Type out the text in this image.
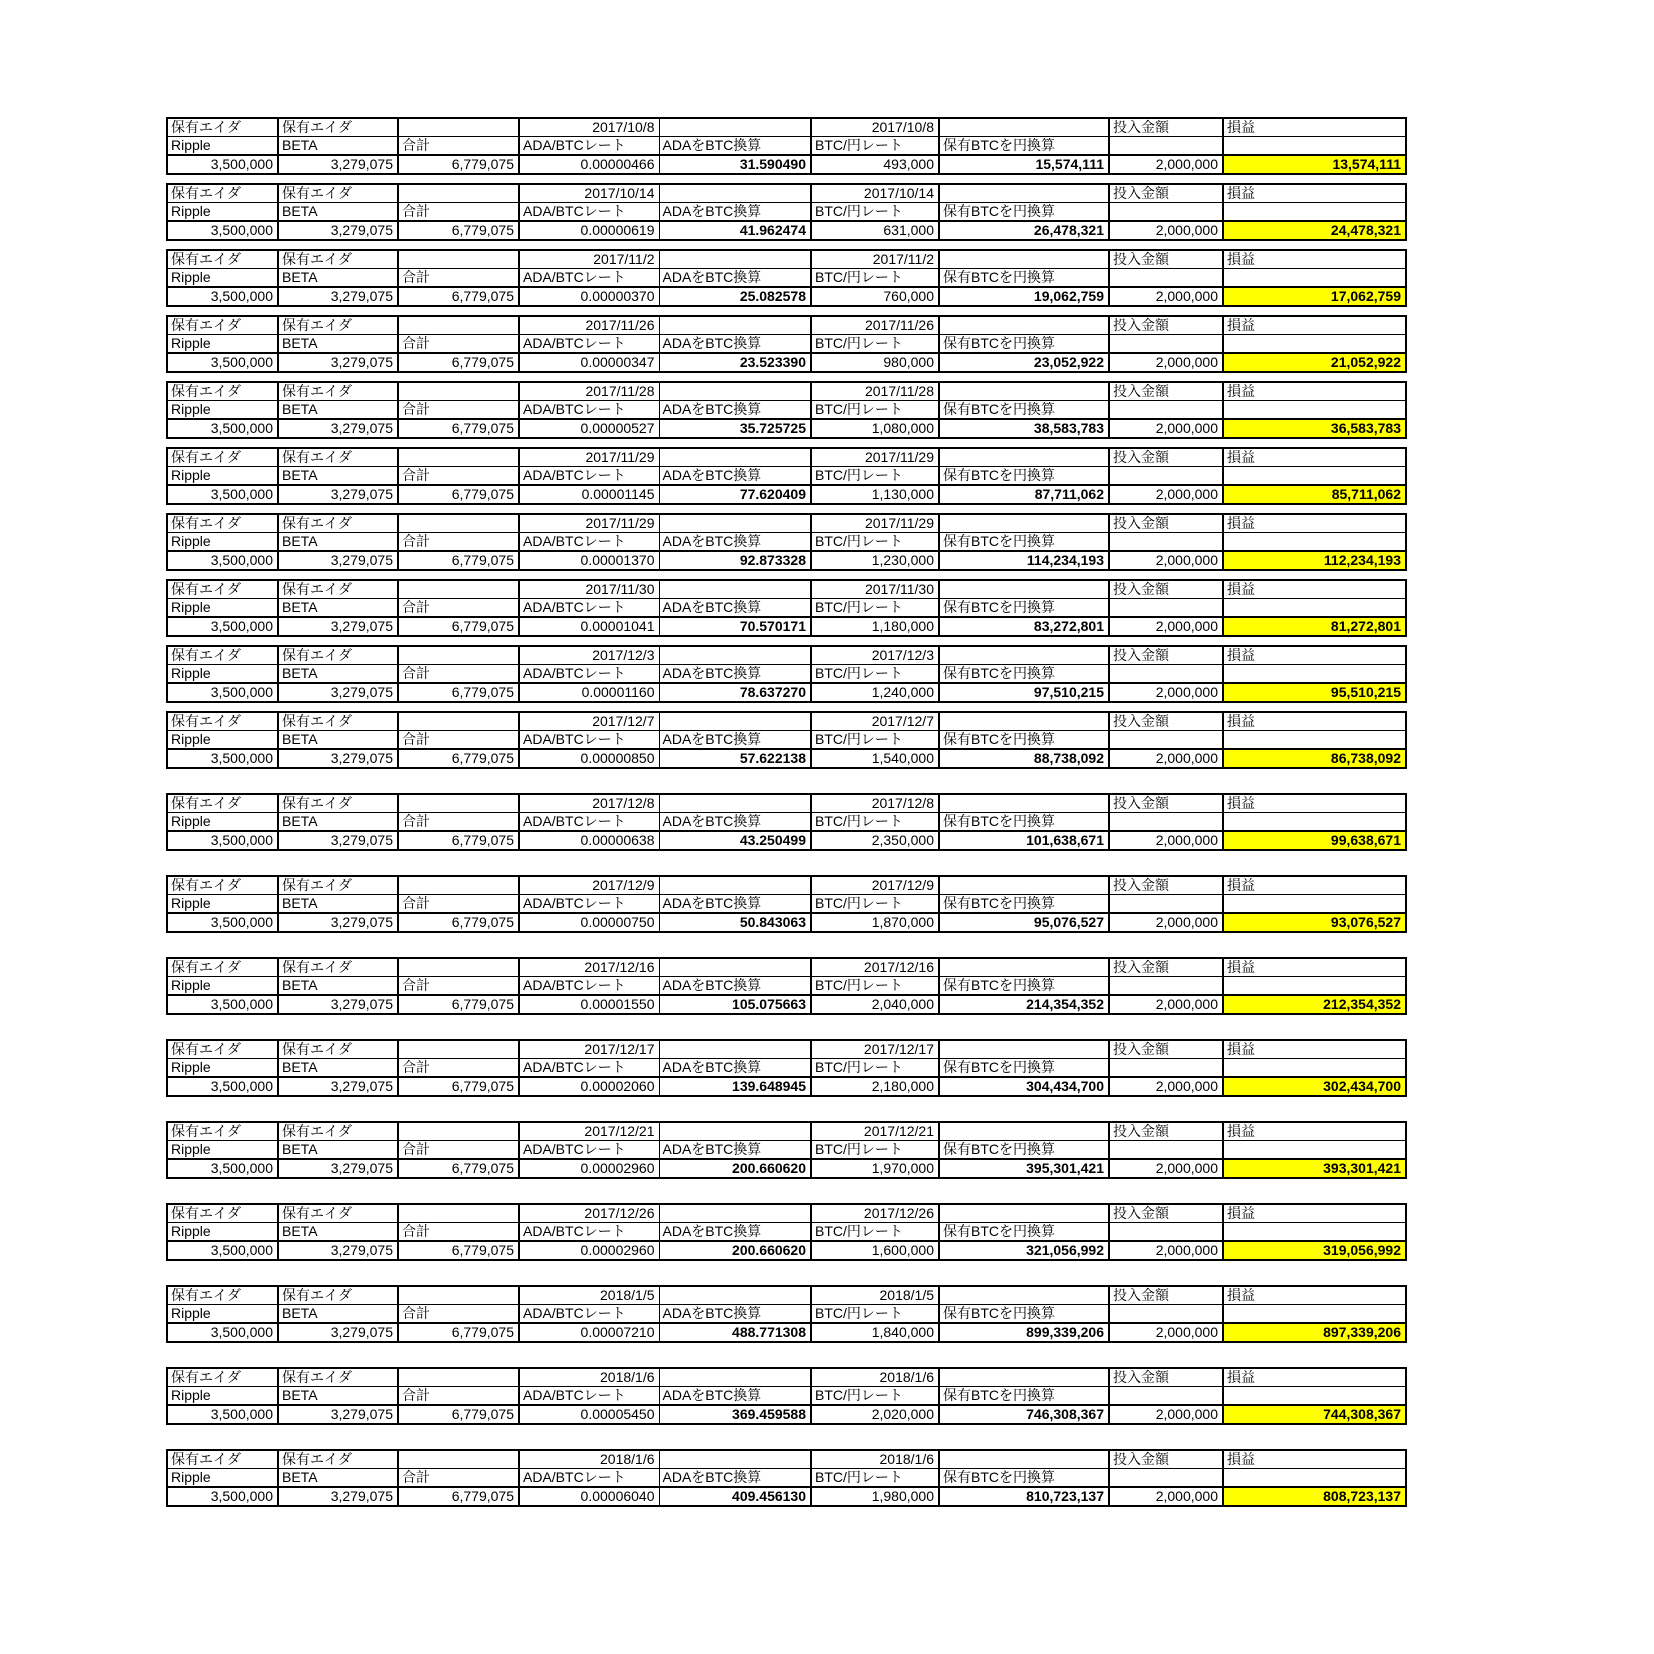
保有エイダ	保有エイダ		2017/10/8		2017/10/8		投入金額	損益
Ripple	BETA	合計	ADA/BTCレート	ADAをBTC換算	BTC/円レート	保有BTCを円換算		
3,500,000	3,279,075	6,779,075	0.00000466	31.590490	493,000	15,574,111	2,000,000	13,574,111
保有エイダ	保有エイダ		2017/10/14		2017/10/14		投入金額	損益
Ripple	BETA	合計	ADA/BTCレート	ADAをBTC換算	BTC/円レート	保有BTCを円換算		
3,500,000	3,279,075	6,779,075	0.00000619	41.962474	631,000	26,478,321	2,000,000	24,478,321
保有エイダ	保有エイダ		2017/11/2		2017/11/2		投入金額	損益
Ripple	BETA	合計	ADA/BTCレート	ADAをBTC換算	BTC/円レート	保有BTCを円換算		
3,500,000	3,279,075	6,779,075	0.00000370	25.082578	760,000	19,062,759	2,000,000	17,062,759
保有エイダ	保有エイダ		2017/11/26		2017/11/26		投入金額	損益
Ripple	BETA	合計	ADA/BTCレート	ADAをBTC換算	BTC/円レート	保有BTCを円換算		
3,500,000	3,279,075	6,779,075	0.00000347	23.523390	980,000	23,052,922	2,000,000	21,052,922
保有エイダ	保有エイダ		2017/11/28		2017/11/28		投入金額	損益
Ripple	BETA	合計	ADA/BTCレート	ADAをBTC換算	BTC/円レート	保有BTCを円換算		
3,500,000	3,279,075	6,779,075	0.00000527	35.725725	1,080,000	38,583,783	2,000,000	36,583,783
保有エイダ	保有エイダ		2017/11/29		2017/11/29		投入金額	損益
Ripple	BETA	合計	ADA/BTCレート	ADAをBTC換算	BTC/円レート	保有BTCを円換算		
3,500,000	3,279,075	6,779,075	0.00001145	77.620409	1,130,000	87,711,062	2,000,000	85,711,062
保有エイダ	保有エイダ		2017/11/29		2017/11/29		投入金額	損益
Ripple	BETA	合計	ADA/BTCレート	ADAをBTC換算	BTC/円レート	保有BTCを円換算		
3,500,000	3,279,075	6,779,075	0.00001370	92.873328	1,230,000	114,234,193	2,000,000	112,234,193
保有エイダ	保有エイダ		2017/11/30		2017/11/30		投入金額	損益
Ripple	BETA	合計	ADA/BTCレート	ADAをBTC換算	BTC/円レート	保有BTCを円換算		
3,500,000	3,279,075	6,779,075	0.00001041	70.570171	1,180,000	83,272,801	2,000,000	81,272,801
保有エイダ	保有エイダ		2017/12/3		2017/12/3		投入金額	損益
Ripple	BETA	合計	ADA/BTCレート	ADAをBTC換算	BTC/円レート	保有BTCを円換算		
3,500,000	3,279,075	6,779,075	0.00001160	78.637270	1,240,000	97,510,215	2,000,000	95,510,215
保有エイダ	保有エイダ		2017/12/7		2017/12/7		投入金額	損益
Ripple	BETA	合計	ADA/BTCレート	ADAをBTC換算	BTC/円レート	保有BTCを円換算		
3,500,000	3,279,075	6,779,075	0.00000850	57.622138	1,540,000	88,738,092	2,000,000	86,738,092
保有エイダ	保有エイダ		2017/12/8		2017/12/8		投入金額	損益
Ripple	BETA	合計	ADA/BTCレート	ADAをBTC換算	BTC/円レート	保有BTCを円換算		
3,500,000	3,279,075	6,779,075	0.00000638	43.250499	2,350,000	101,638,671	2,000,000	99,638,671
保有エイダ	保有エイダ		2017/12/9		2017/12/9		投入金額	損益
Ripple	BETA	合計	ADA/BTCレート	ADAをBTC換算	BTC/円レート	保有BTCを円換算		
3,500,000	3,279,075	6,779,075	0.00000750	50.843063	1,870,000	95,076,527	2,000,000	93,076,527
保有エイダ	保有エイダ		2017/12/16		2017/12/16		投入金額	損益
Ripple	BETA	合計	ADA/BTCレート	ADAをBTC換算	BTC/円レート	保有BTCを円換算		
3,500,000	3,279,075	6,779,075	0.00001550	105.075663	2,040,000	214,354,352	2,000,000	212,354,352
保有エイダ	保有エイダ		2017/12/17		2017/12/17		投入金額	損益
Ripple	BETA	合計	ADA/BTCレート	ADAをBTC換算	BTC/円レート	保有BTCを円換算		
3,500,000	3,279,075	6,779,075	0.00002060	139.648945	2,180,000	304,434,700	2,000,000	302,434,700
保有エイダ	保有エイダ		2017/12/21		2017/12/21		投入金額	損益
Ripple	BETA	合計	ADA/BTCレート	ADAをBTC換算	BTC/円レート	保有BTCを円換算		
3,500,000	3,279,075	6,779,075	0.00002960	200.660620	1,970,000	395,301,421	2,000,000	393,301,421
保有エイダ	保有エイダ		2017/12/26		2017/12/26		投入金額	損益
Ripple	BETA	合計	ADA/BTCレート	ADAをBTC換算	BTC/円レート	保有BTCを円換算		
3,500,000	3,279,075	6,779,075	0.00002960	200.660620	1,600,000	321,056,992	2,000,000	319,056,992
保有エイダ	保有エイダ		2018/1/5		2018/1/5		投入金額	損益
Ripple	BETA	合計	ADA/BTCレート	ADAをBTC換算	BTC/円レート	保有BTCを円換算		
3,500,000	3,279,075	6,779,075	0.00007210	488.771308	1,840,000	899,339,206	2,000,000	897,339,206
保有エイダ	保有エイダ		2018/1/6		2018/1/6		投入金額	損益
Ripple	BETA	合計	ADA/BTCレート	ADAをBTC換算	BTC/円レート	保有BTCを円換算		
3,500,000	3,279,075	6,779,075	0.00005450	369.459588	2,020,000	746,308,367	2,000,000	744,308,367
保有エイダ	保有エイダ		2018/1/6		2018/1/6		投入金額	損益
Ripple	BETA	合計	ADA/BTCレート	ADAをBTC換算	BTC/円レート	保有BTCを円換算		
3,500,000	3,279,075	6,779,075	0.00006040	409.456130	1,980,000	810,723,137	2,000,000	808,723,137
